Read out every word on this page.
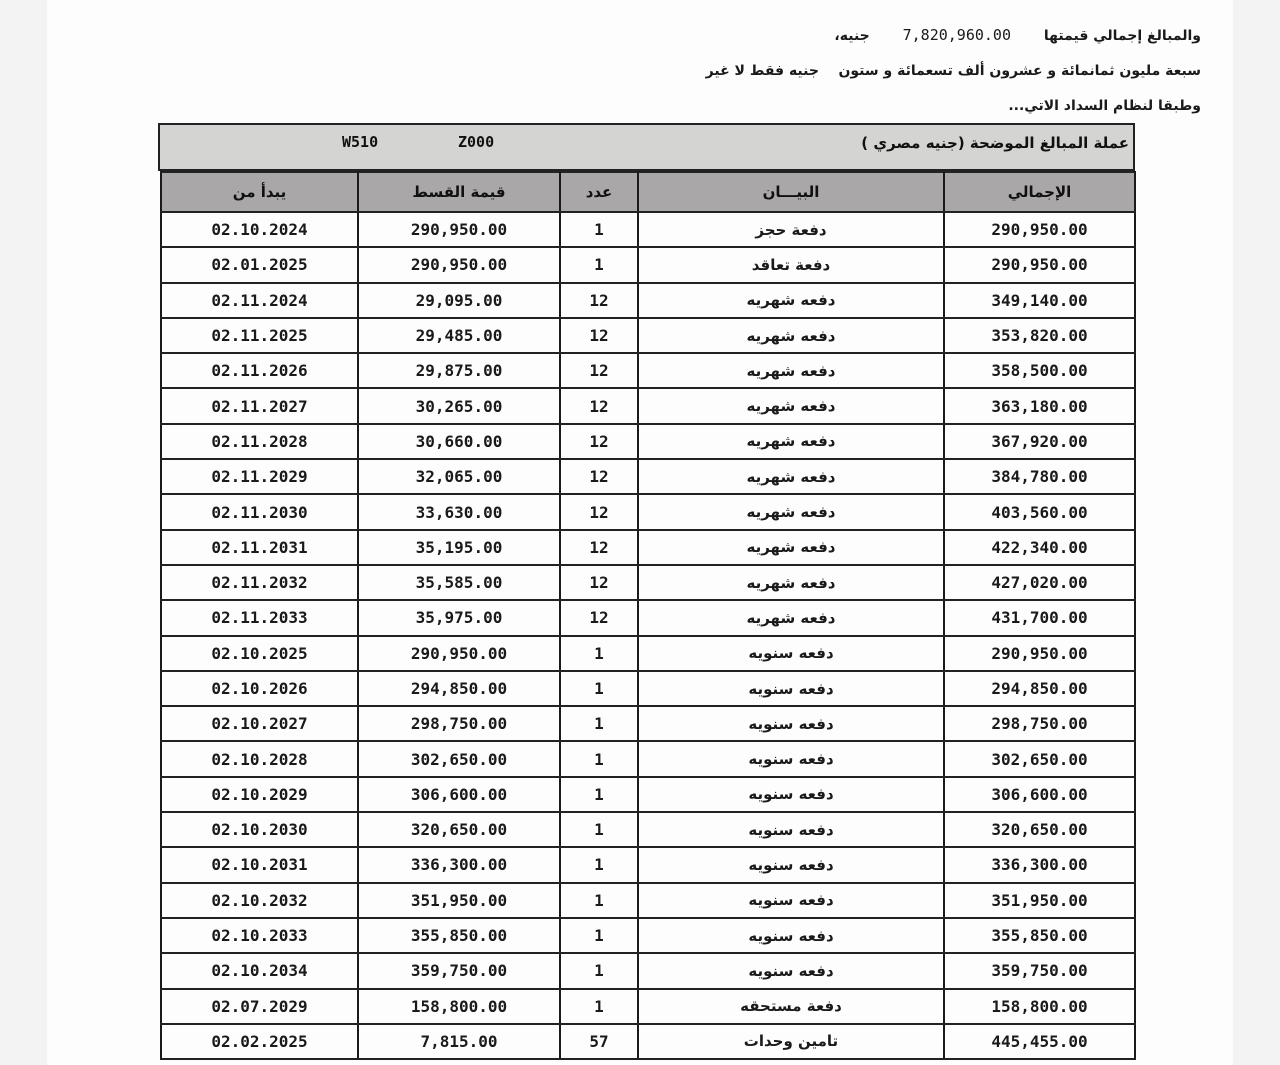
والمبالغ إجمالي قيمتها 7,820,960.00 جنيه،
سبعة مليون ثمانمائة و عشرون ألف تسعمائة و ستون    جنيه فقط لا غير
وطبقا لنظام السداد الاتي...
W510	Z000	عملة المبالغ الموضحة (جنيه مصري )
يبدأ من	قيمة القسط	عدد	البيـــان	الإجمالي
02.10.2024	290,950.00	1	دفعة حجز	290,950.00
02.01.2025	290,950.00	1	دفعة تعاقد	290,950.00
02.11.2024	29,095.00	12	دفعه شهريه	349,140.00
02.11.2025	29,485.00	12	دفعه شهريه	353,820.00
02.11.2026	29,875.00	12	دفعه شهريه	358,500.00
02.11.2027	30,265.00	12	دفعه شهريه	363,180.00
02.11.2028	30,660.00	12	دفعه شهريه	367,920.00
02.11.2029	32,065.00	12	دفعه شهريه	384,780.00
02.11.2030	33,630.00	12	دفعه شهريه	403,560.00
02.11.2031	35,195.00	12	دفعه شهريه	422,340.00
02.11.2032	35,585.00	12	دفعه شهريه	427,020.00
02.11.2033	35,975.00	12	دفعه شهريه	431,700.00
02.10.2025	290,950.00	1	دفعه سنويه	290,950.00
02.10.2026	294,850.00	1	دفعه سنويه	294,850.00
02.10.2027	298,750.00	1	دفعه سنويه	298,750.00
02.10.2028	302,650.00	1	دفعه سنويه	302,650.00
02.10.2029	306,600.00	1	دفعه سنويه	306,600.00
02.10.2030	320,650.00	1	دفعه سنويه	320,650.00
02.10.2031	336,300.00	1	دفعه سنويه	336,300.00
02.10.2032	351,950.00	1	دفعه سنويه	351,950.00
02.10.2033	355,850.00	1	دفعه سنويه	355,850.00
02.10.2034	359,750.00	1	دفعه سنويه	359,750.00
02.07.2029	158,800.00	1	دفعة مستحقه	158,800.00
02.02.2025	7,815.00	57	تامين وحدات	445,455.00
